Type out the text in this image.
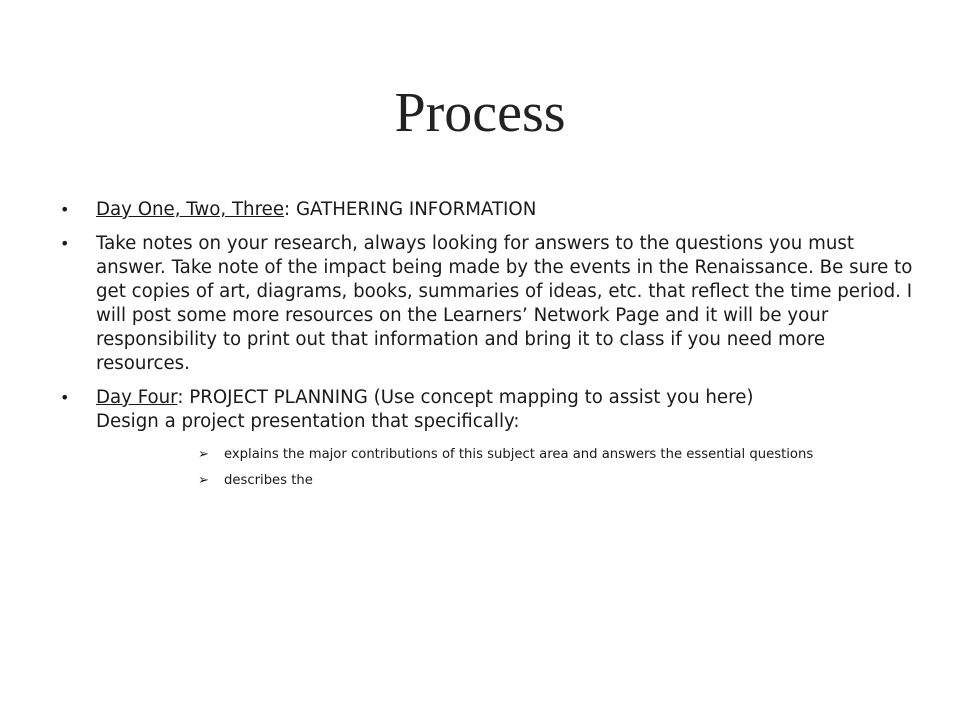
Process
• Day One, Two, Three: GATHERING INFORMATION
• Take notes on your research, always looking for answers to the questions you must answer. Take note of the impact being made by the events in the Renaissance. Be sure to get copies of art, diagrams, books, summaries of ideas, etc. that reflect the time period. I will post some more resources on the Learners’ Network Page and it will be your responsibility to print out that information and bring it to class if you need more resources.
• Day Four: PROJECT PLANNING (Use concept mapping to assist you here)
Design a project presentation that specifically:
➢	explains the major contributions of this subject area and answers the essential questions
➢	describes the
